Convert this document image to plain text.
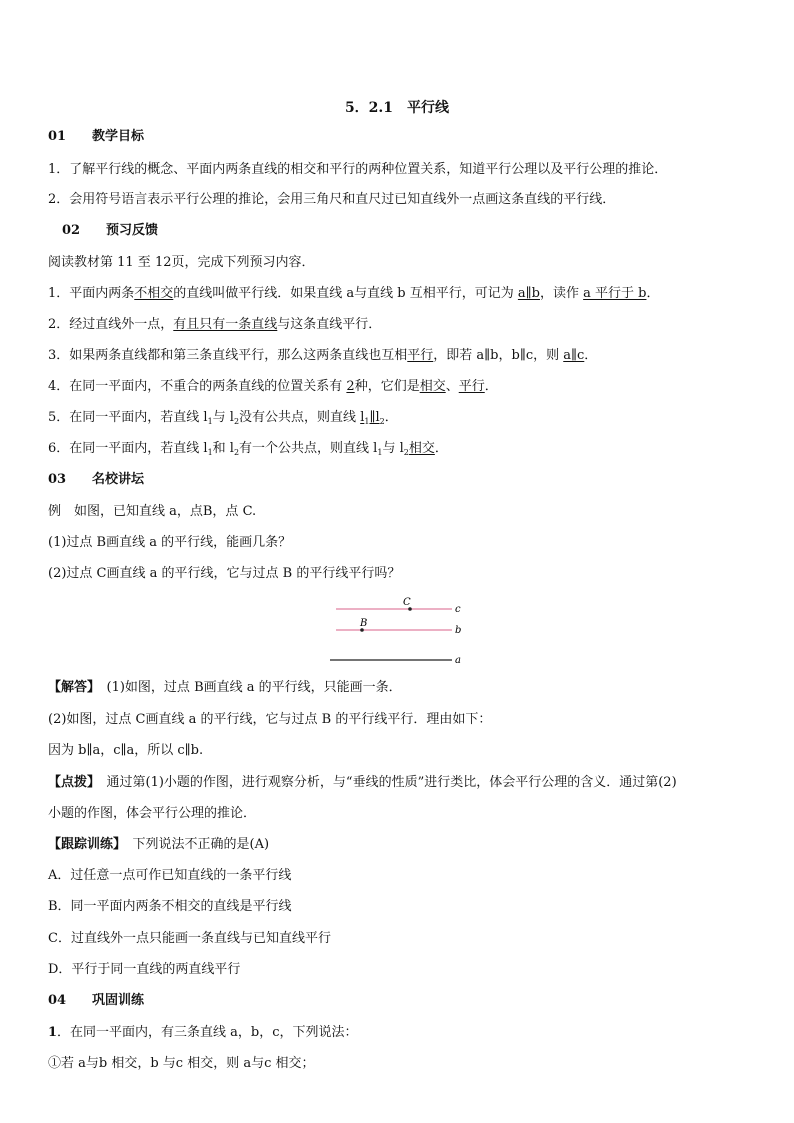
5．2.1　平行线
01 教学目标
1．了解平行线的概念、平面内两条直线的相交和平行的两种位置关系，知道平行公理以及平行公理的推论．
2．会用符号语言表示平行公理的推论，会用三角尺和直尺过已知直线外一点画这条直线的平行线．
02 预习反馈
阅读教材第 11 至 12页，完成下列预习内容．
1．平面内两条不相交的直线叫做平行线．如果直线 a与直线 b 互相平行，可记为 a∥b，读作 a 平行于 b．
2．经过直线外一点，有且只有一条直线与这条直线平行．
3．如果两条直线都和第三条直线平行，那么这两条直线也互相平行，即若 a∥b，b∥c，则 a∥c．
4．在同一平面内，不重合的两条直线的位置关系有 2种，它们是相交、平行．
5．在同一平面内，若直线 $l_1$与 $l_2$没有公共点，则直线 $l_1\parallel l_2$．
6．在同一平面内，若直线 $l_1$和 $l_2$有一个公共点，则直线 $l_1$与 $l_2$相交．
03 名校讲坛
例　如图，已知直线 a，点B，点 C.
(1)过点 B画直线 a 的平行线，能画几条？
(2)过点 C画直线 a 的平行线，它与过点 B 的平行线平行吗？
C
B
c
b
a
【解答】　(1)如图，过点 B画直线 a 的平行线，只能画一条．
(2)如图，过点 C画直线 a 的平行线，它与过点 B 的平行线平行．理由如下：
因为 b∥a，c∥a，所以 c∥b.
【点拨】　通过第(1)小题的作图，进行观察分析，与“垂线的性质”进行类比，体会平行公理的含义．通过第(2)
小题的作图，体会平行公理的推论．
【跟踪训练】　下列说法不正确的是(A)
A．过任意一点可作已知直线的一条平行线
B．同一平面内两条不相交的直线是平行线
C．过直线外一点只能画一条直线与已知直线平行
D．平行于同一直线的两直线平行
04 巩固训练
1．在同一平面内，有三条直线 a，b，c，下列说法：
①若 a与b 相交，b 与c 相交，则 a与c 相交；
